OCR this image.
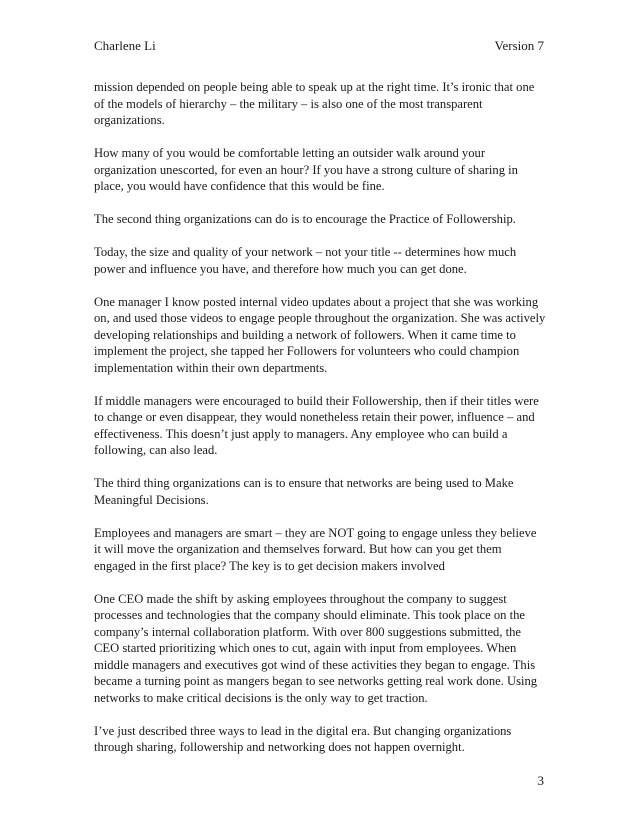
Charlene Li	Version 7

mission depended on people being able to speak up at the right time. It’s ironic that one of the models of hierarchy – the military – is also one of the most transparent organizations.

How many of you would be comfortable letting an outsider walk around your organization unescorted, for even an hour? If you have a strong culture of sharing in place, you would have confidence that this would be fine.

The second thing organizations can do is to encourage the Practice of Followership.

Today, the size and quality of your network – not your title -- determines how much power and influence you have, and therefore how much you can get done.

One manager I know posted internal video updates about a project that she was working on, and used those videos to engage people throughout the organization. She was actively developing relationships and building a network of followers. When it came time to implement the project, she tapped her Followers for volunteers who could champion implementation within their own departments.

If middle managers were encouraged to build their Followership, then if their titles were to change or even disappear, they would nonetheless retain their power, influence – and effectiveness. This doesn’t just apply to managers. Any employee who can build a following, can also lead.

The third thing organizations can is to ensure that networks are being used to Make Meaningful Decisions.

Employees and managers are smart – they are NOT going to engage unless they believe it will move the organization and themselves forward. But how can you get them engaged in the first place? The key is to get decision makers involved

One CEO made the shift by asking employees throughout the company to suggest processes and technologies that the company should eliminate. This took place on the company’s internal collaboration platform. With over 800 suggestions submitted, the CEO started prioritizing which ones to cut, again with input from employees. When middle managers and executives got wind of these activities they began to engage. This became a turning point as mangers began to see networks getting real work done. Using networks to make critical decisions is the only way to get traction.

I’ve just described three ways to lead in the digital era. But changing organizations through sharing, followership and networking does not happen overnight.

3
